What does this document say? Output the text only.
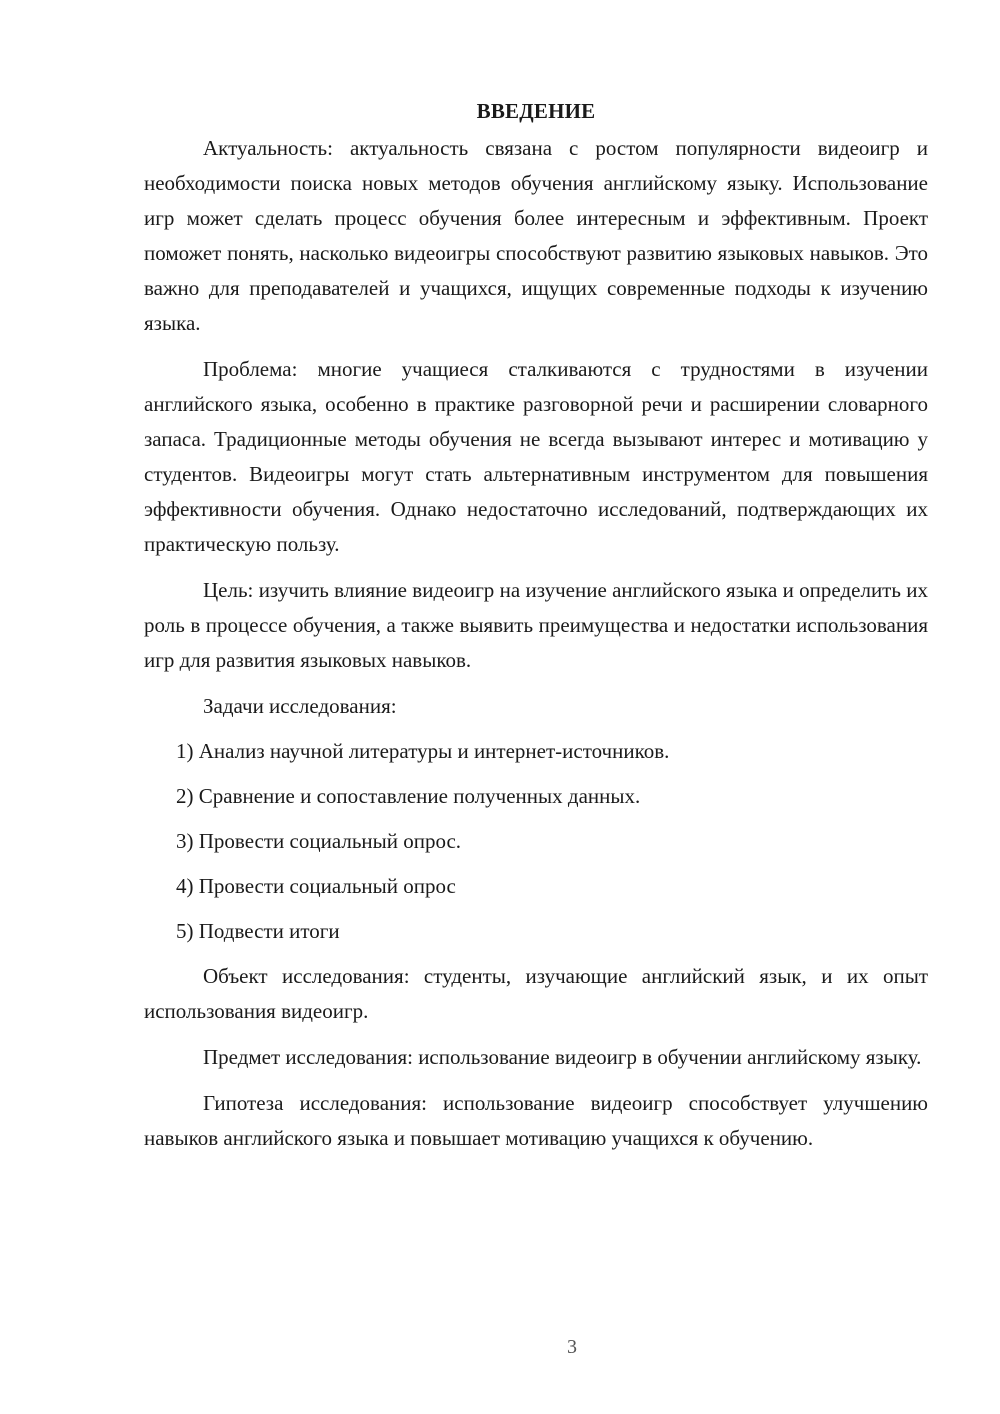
ВВЕДЕНИЕ

Актуальность: актуальность связана с ростом популярности видеоигр и необходимости поиска новых методов обучения английскому языку. Использование игр может сделать процесс обучения более интересным и эффективным. Проект поможет понять, насколько видеоигры способствуют развитию языковых навыков. Это важно для преподавателей и учащихся, ищущих современные подходы к изучению языка.

Проблема: многие учащиеся сталкиваются с трудностями в изучении английского языка, особенно в практике разговорной речи и расширении словарного запаса. Традиционные методы обучения не всегда вызывают интерес и мотивацию у студентов. Видеоигры могут стать альтернативным инструментом для повышения эффективности обучения. Однако недостаточно исследований, подтверждающих их практическую пользу.

Цель: изучить влияние видеоигр на изучение английского языка и определить их роль в процессе обучения, а также выявить преимущества и недостатки использования игр для развития языковых навыков.

Задачи исследования:

1) Анализ научной литературы и интернет-источников.

2) Сравнение и сопоставление полученных данных.

3) Провести социальный опрос.

4) Провести социальный опрос

5) Подвести итоги

Объект исследования: студенты, изучающие английский язык, и их опыт использования видеоигр.

Предмет исследования: использование видеоигр в обучении английскому языку.

Гипотеза исследования: использование видеоигр способствует улучшению навыков английского языка и повышает мотивацию учащихся к обучению.

3
